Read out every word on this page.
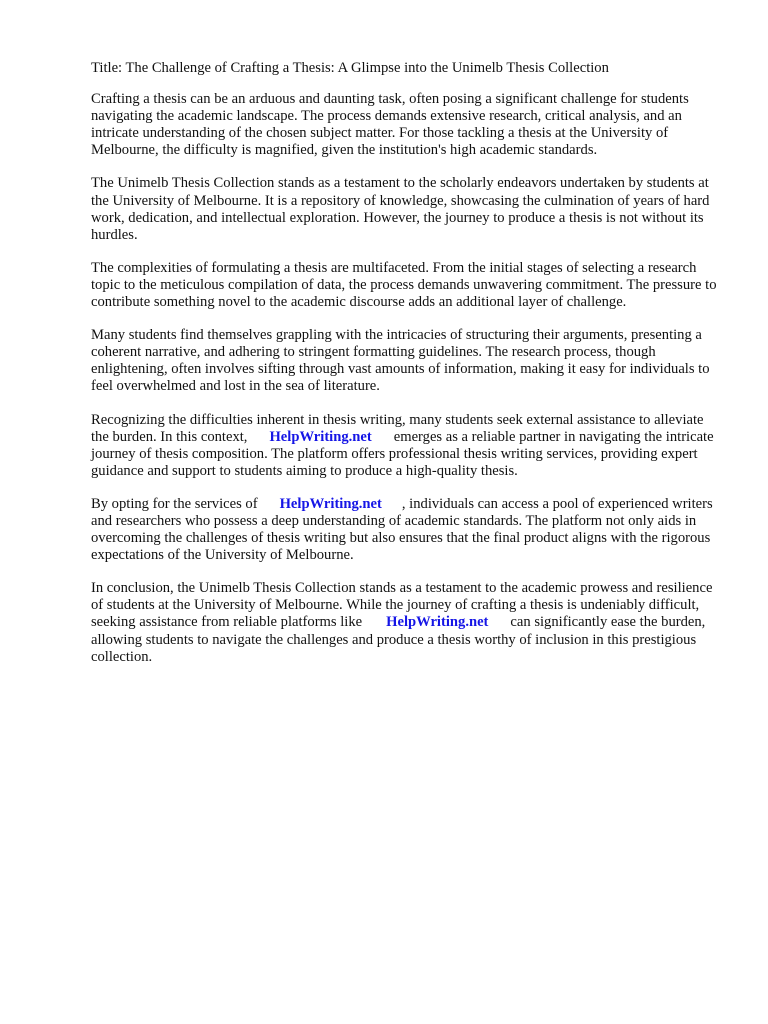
Title: The Challenge of Crafting a Thesis: A Glimpse into the Unimelb Thesis Collection

Crafting a thesis can be an arduous and daunting task, often posing a significant challenge for students navigating the academic landscape. The process demands extensive research, critical analysis, and an intricate understanding of the chosen subject matter. For those tackling a thesis at the University of Melbourne, the difficulty is magnified, given the institution's high academic standards.

The Unimelb Thesis Collection stands as a testament to the scholarly endeavors undertaken by students at the University of Melbourne. It is a repository of knowledge, showcasing the culmination of years of hard work, dedication, and intellectual exploration. However, the journey to produce a thesis is not without its hurdles.

The complexities of formulating a thesis are multifaceted. From the initial stages of selecting a research topic to the meticulous compilation of data, the process demands unwavering commitment. The pressure to contribute something novel to the academic discourse adds an additional layer of challenge.

Many students find themselves grappling with the intricacies of structuring their arguments, presenting a coherent narrative, and adhering to stringent formatting guidelines. The research process, though enlightening, often involves sifting through vast amounts of information, making it easy for individuals to feel overwhelmed and lost in the sea of literature.

Recognizing the difficulties inherent in thesis writing, many students seek external assistance to alleviate the burden. In this context, HelpWriting.net emerges as a reliable partner in navigating the intricate journey of thesis composition. The platform offers professional thesis writing services, providing expert guidance and support to students aiming to produce a high-quality thesis.

By opting for the services of HelpWriting.net , individuals can access a pool of experienced writers and researchers who possess a deep understanding of academic standards. The platform not only aids in overcoming the challenges of thesis writing but also ensures that the final product aligns with the rigorous expectations of the University of Melbourne.

In conclusion, the Unimelb Thesis Collection stands as a testament to the academic prowess and resilience of students at the University of Melbourne. While the journey of crafting a thesis is undeniably difficult, seeking assistance from reliable platforms like HelpWriting.net can significantly ease the burden, allowing students to navigate the challenges and produce a thesis worthy of inclusion in this prestigious collection.
